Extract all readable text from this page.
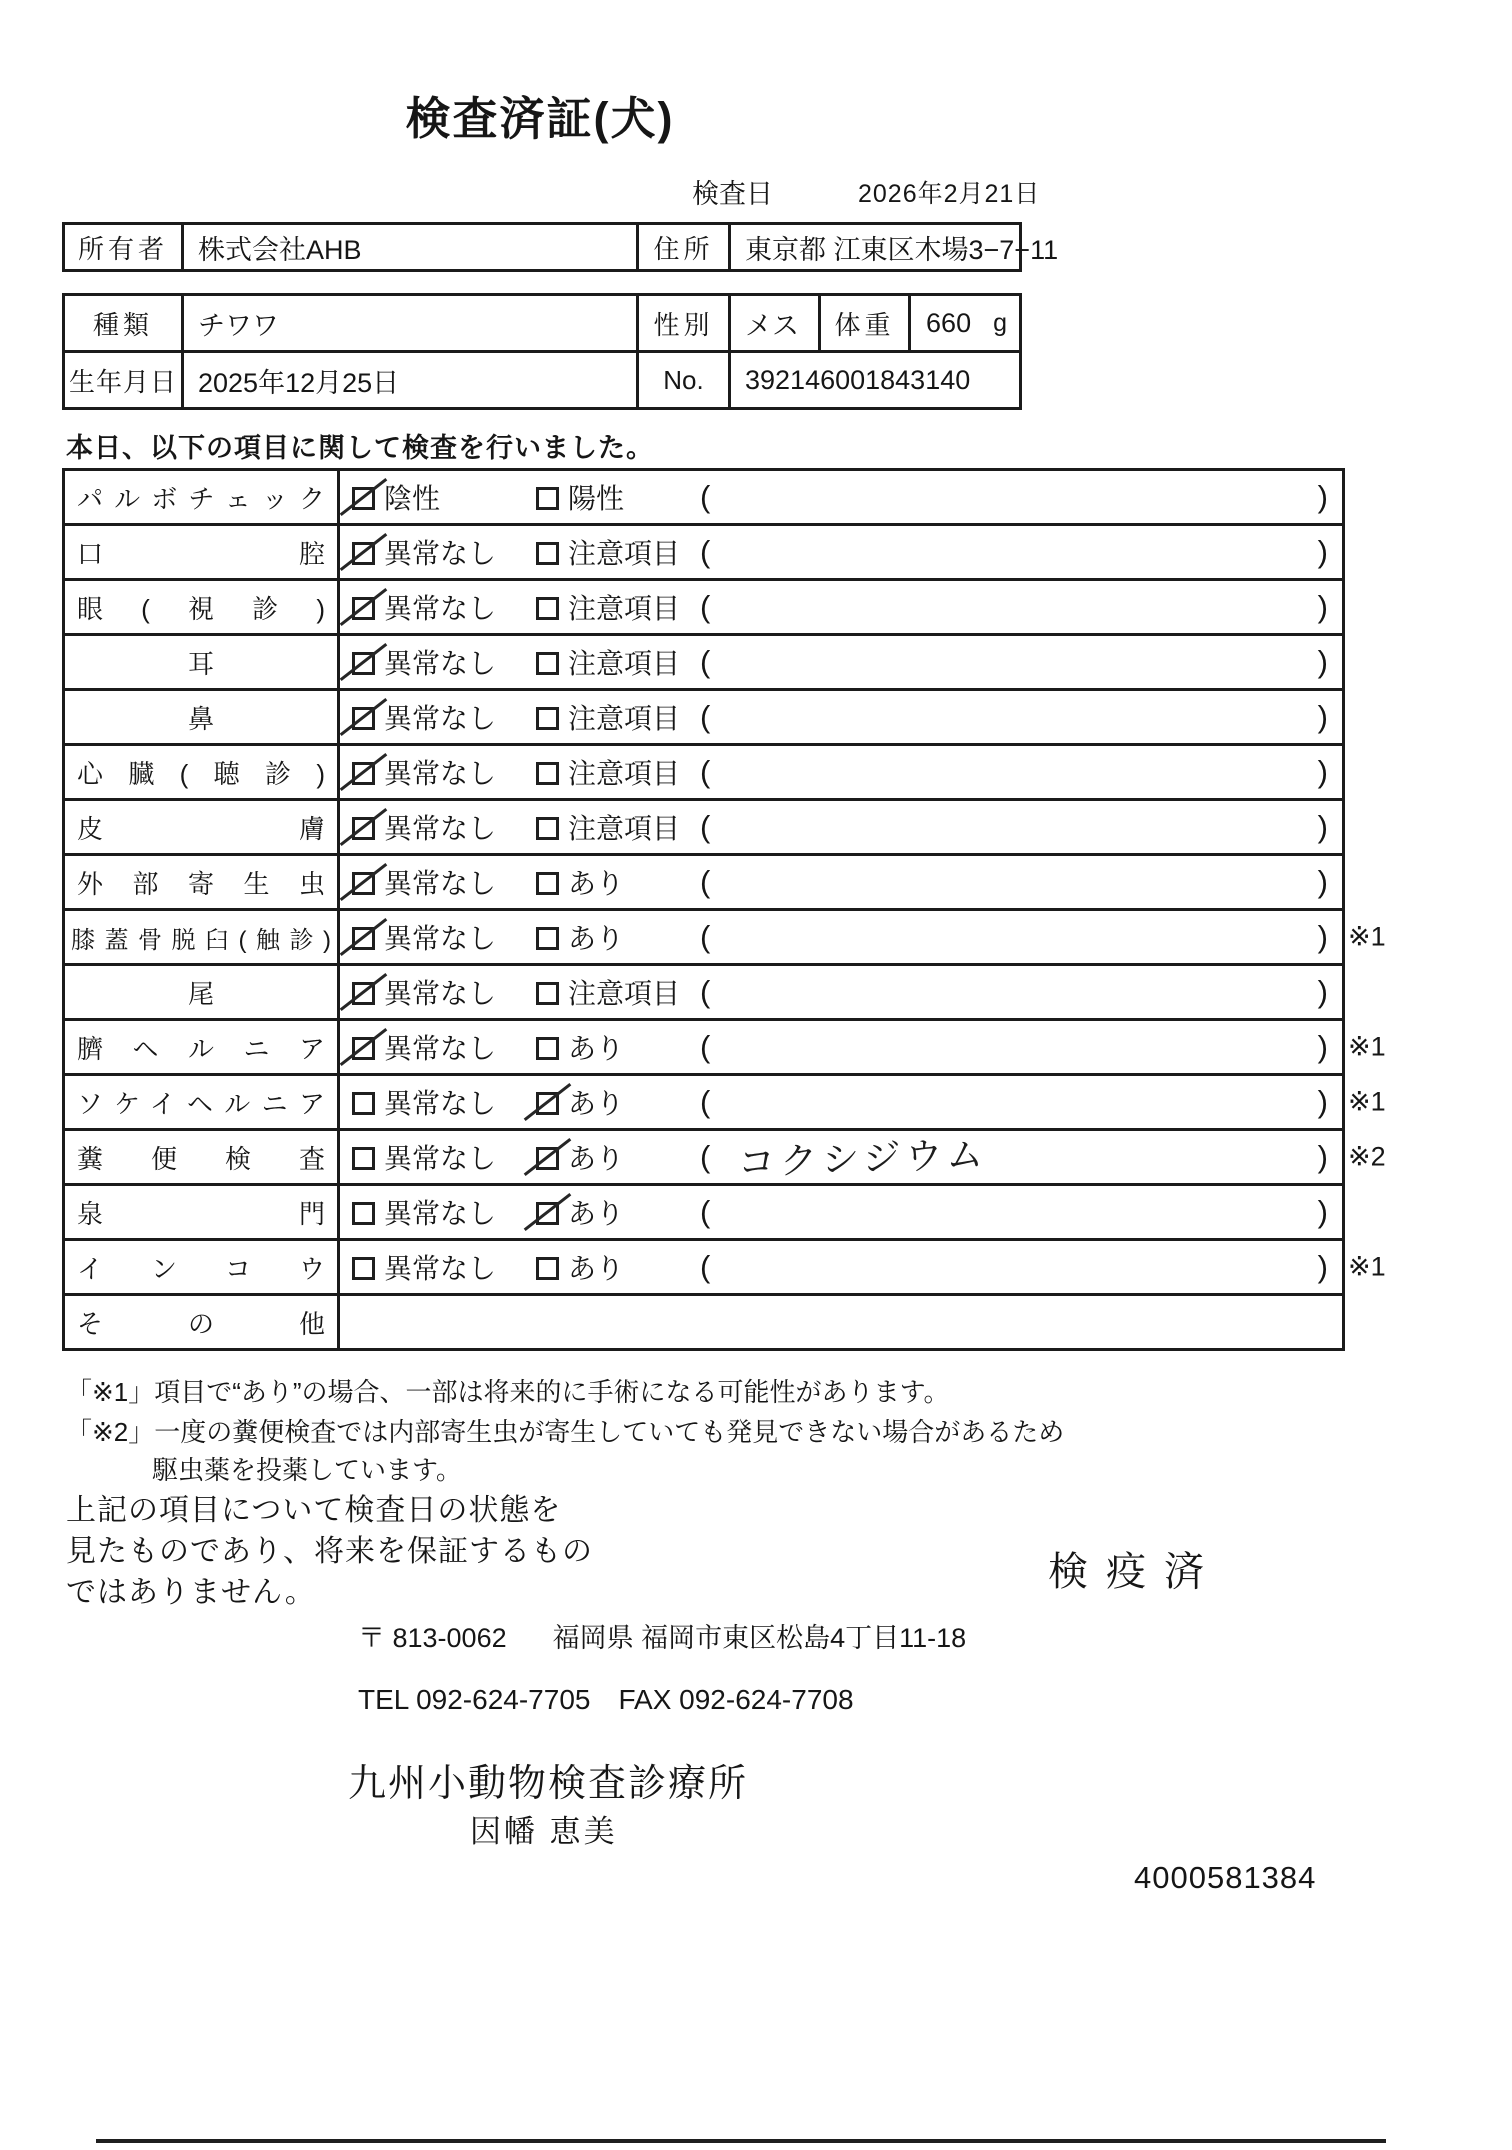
検査済証(犬)
検査日	2026年2月21日
所有者	株式会社AHB	住所	東京都 江東区木場3−7−11
種類	チワワ	性別	メス	体重	660 g
生年月日 2025年12月25日	No.	392146001843140
本日、以下の項目に関して検査を行いました。
パルボチェック 陰性	陽性 (	)
口腔 異常なし	注意項目 (	)
眼(視診) 異常なし	注意項目 (	)
耳	異常なし	注意項目 (	)
鼻	異常なし	注意項目 (	)
心臓(聴診) 異常なし	注意項目 (	)
皮膚 異常なし	注意項目 (	)
外部寄生虫 異常なし	あり (	)
膝蓋骨脱臼(触診) 異常なし	あり (	) ※1
尾	異常なし	注意項目 (	)
臍ヘルニア 異常なし	あり (	) ※1
ソケイヘルニア 異常なし	あり (	) ※1
糞便検査 異常なし	あり ( コクシジウム	) ※2
泉門 異常なし	あり (	)
インコウ 異常なし	あり (	) ※1
その他
「※1」項目で“あり”の場合、一部は将来的に手術になる可能性があります。
「※2」一度の糞便検査では内部寄生虫が寄生していても発見できない場合があるため
駆虫薬を投薬しています。
上記の項目について検査日の状態を
見たものであり、将来を保証するもの
ではありません。	検疫済
〒 813-0062 福岡県 福岡市東区松島4丁目11-18
TEL 092-624-7705 FAX 092-624-7708
九州小動物検査診療所
因幡 恵美
4000581384
